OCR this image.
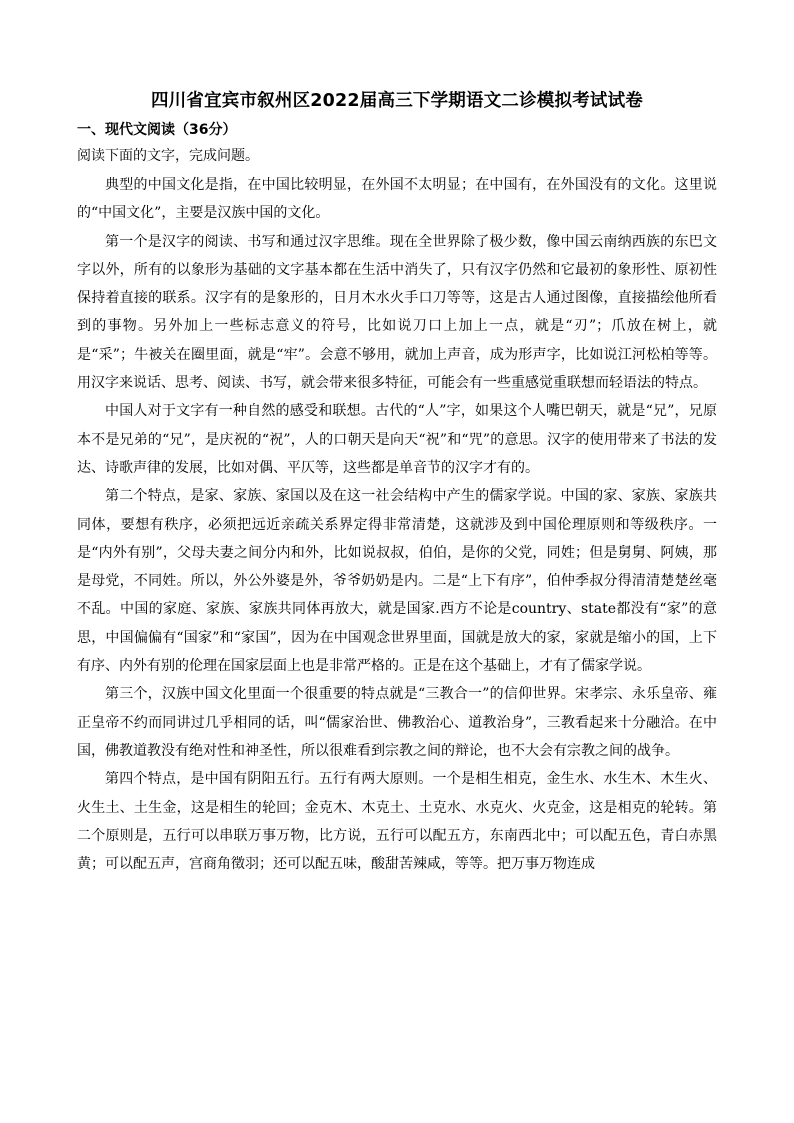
四川省宜宾市叙州区2022届高三下学期语文二诊模拟考试试卷
一、现代文阅读（36分）
阅读下面的文字，完成问题。

典型的中国文化是指，在中国比较明显，在外国不太明显；在中国有，在外国没有的文化。这里说的“中国文化”，主要是汉族中国的文化。

第一个是汉字的阅读、书写和通过汉字思维。现在全世界除了极少数，像中国云南纳西族的东巴文字以外，所有的以象形为基础的文字基本都在生活中消失了，只有汉字仍然和它最初的象形性、原初性保持着直接的联系。汉字有的是象形的，日月木水火手口刀等等，这是古人通过图像，直接描绘他所看到的事物。另外加上一些标志意义的符号，比如说刀口上加上一点，就是“刃”；爪放在树上，就是“采”；牛被关在圈里面，就是“牢”。会意不够用，就加上声音，成为形声字，比如说江河松柏等等。用汉字来说话、思考、阅读、书写，就会带来很多特征，可能会有一些重感觉重联想而轻语法的特点。

中国人对于文字有一种自然的感受和联想。古代的“人”字，如果这个人嘴巴朝天，就是“兄”，兄原本不是兄弟的“兄”，是庆祝的“祝”，人的口朝天是向天“祝”和“咒”的意思。汉字的使用带来了书法的发达、诗歌声律的发展，比如对偶、平仄等，这些都是单音节的汉字才有的。

第二个特点，是家、家族、家国以及在这一社会结构中产生的儒家学说。中国的家、家族、家族共同体，要想有秩序，必须把远近亲疏关系界定得非常清楚，这就涉及到中国伦理原则和等级秩序。一是“内外有别”，父母夫妻之间分内和外，比如说叔叔，伯伯，是你的父党，同姓；但是舅舅、阿姨，那是母党，不同姓。所以，外公外婆是外，爷爷奶奶是内。二是“上下有序”，伯仲季叔分得清清楚楚丝毫不乱。中国的家庭、家族、家族共同体再放大，就是国家.西方不论是country、state都没有“家”的意思，中国偏偏有“国家”和“家国”，因为在中国观念世界里面，国就是放大的家，家就是缩小的国，上下有序、内外有别的伦理在国家层面上也是非常严格的。正是在这个基础上，才有了儒家学说。

第三个，汉族中国文化里面一个很重要的特点就是“三教合一”的信仰世界。宋孝宗、永乐皇帝、雍正皇帝不约而同讲过几乎相同的话，叫“儒家治世、佛教治心、道教治身”，三教看起来十分融洽。在中国，佛教道教没有绝对性和神圣性，所以很难看到宗教之间的辩论，也不大会有宗教之间的战争。

第四个特点，是中国有阴阳五行。五行有两大原则。一个是相生相克，金生水、水生木、木生火、火生土、土生金，这是相生的轮回；金克木、木克土、土克水、水克火、火克金，这是相克的轮转。第二个原则是，五行可以串联万事万物，比方说，五行可以配五方，东南西北中；可以配五色，青白赤黑黄；可以配五声，宫商角徵羽；还可以配五味，酸甜苦辣咸，等等。把万事万物连成
